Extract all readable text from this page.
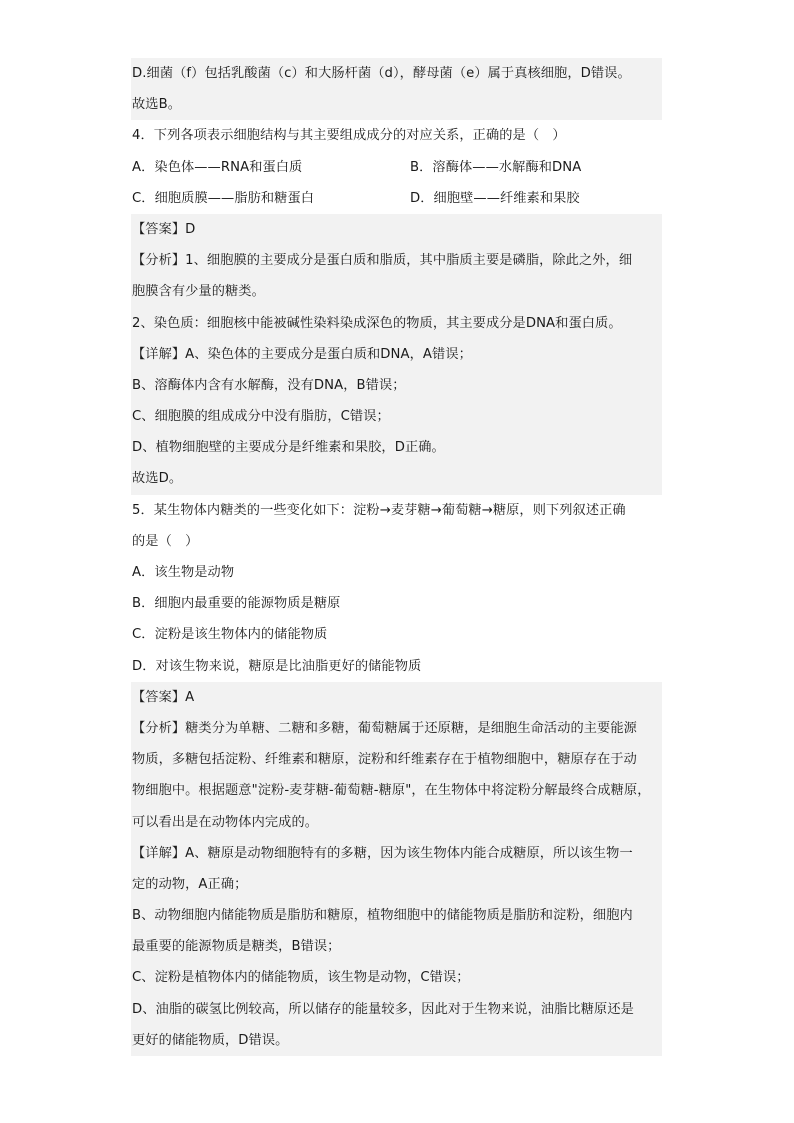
D.细菌（f）包括乳酸菌（c）和大肠杆菌（d），酵母菌（e）属于真核细胞，D错误。
故选B。
4．下列各项表示细胞结构与其主要组成成分的对应关系，正确的是（　）
A．染色体——RNA和蛋白质	B．溶酶体——水解酶和DNA
C．细胞质膜——脂肪和糖蛋白	D．细胞壁——纤维素和果胶
【答案】D
【分析】1、细胞膜的主要成分是蛋白质和脂质，其中脂质主要是磷脂，除此之外，细
胞膜含有少量的糖类。
2、染色质：细胞核中能被碱性染料染成深色的物质，其主要成分是DNA和蛋白质。
【详解】A、染色体的主要成分是蛋白质和DNA，A错误；
B、溶酶体内含有水解酶，没有DNA，B错误；
C、细胞膜的组成成分中没有脂肪，C错误；
D、植物细胞壁的主要成分是纤维素和果胶，D正确。
故选D。
5．某生物体内糖类的一些变化如下：淀粉→麦芽糖→葡萄糖→糖原，则下列叙述正确
的是（　）
A．该生物是动物
B．细胞内最重要的能源物质是糖原
C．淀粉是该生物体内的储能物质
D．对该生物来说，糖原是比油脂更好的储能物质
【答案】A
【分析】糖类分为单糖、二糖和多糖，葡萄糖属于还原糖，是细胞生命活动的主要能源
物质，多糖包括淀粉、纤维素和糖原，淀粉和纤维素存在于植物细胞中，糖原存在于动
物细胞中。根据题意"淀粉-麦芽糖-葡萄糖-糖原"，在生物体中将淀粉分解最终合成糖原，
可以看出是在动物体内完成的。
【详解】A、糖原是动物细胞特有的多糖，因为该生物体内能合成糖原，所以该生物一
定的动物，A正确；
B、动物细胞内储能物质是脂肪和糖原，植物细胞中的储能物质是脂肪和淀粉，细胞内
最重要的能源物质是糖类，B错误；
C、淀粉是植物体内的储能物质，该生物是动物，C错误；
D、油脂的碳氢比例较高，所以储存的能量较多，因此对于生物来说，油脂比糖原还是
更好的储能物质，D错误。
